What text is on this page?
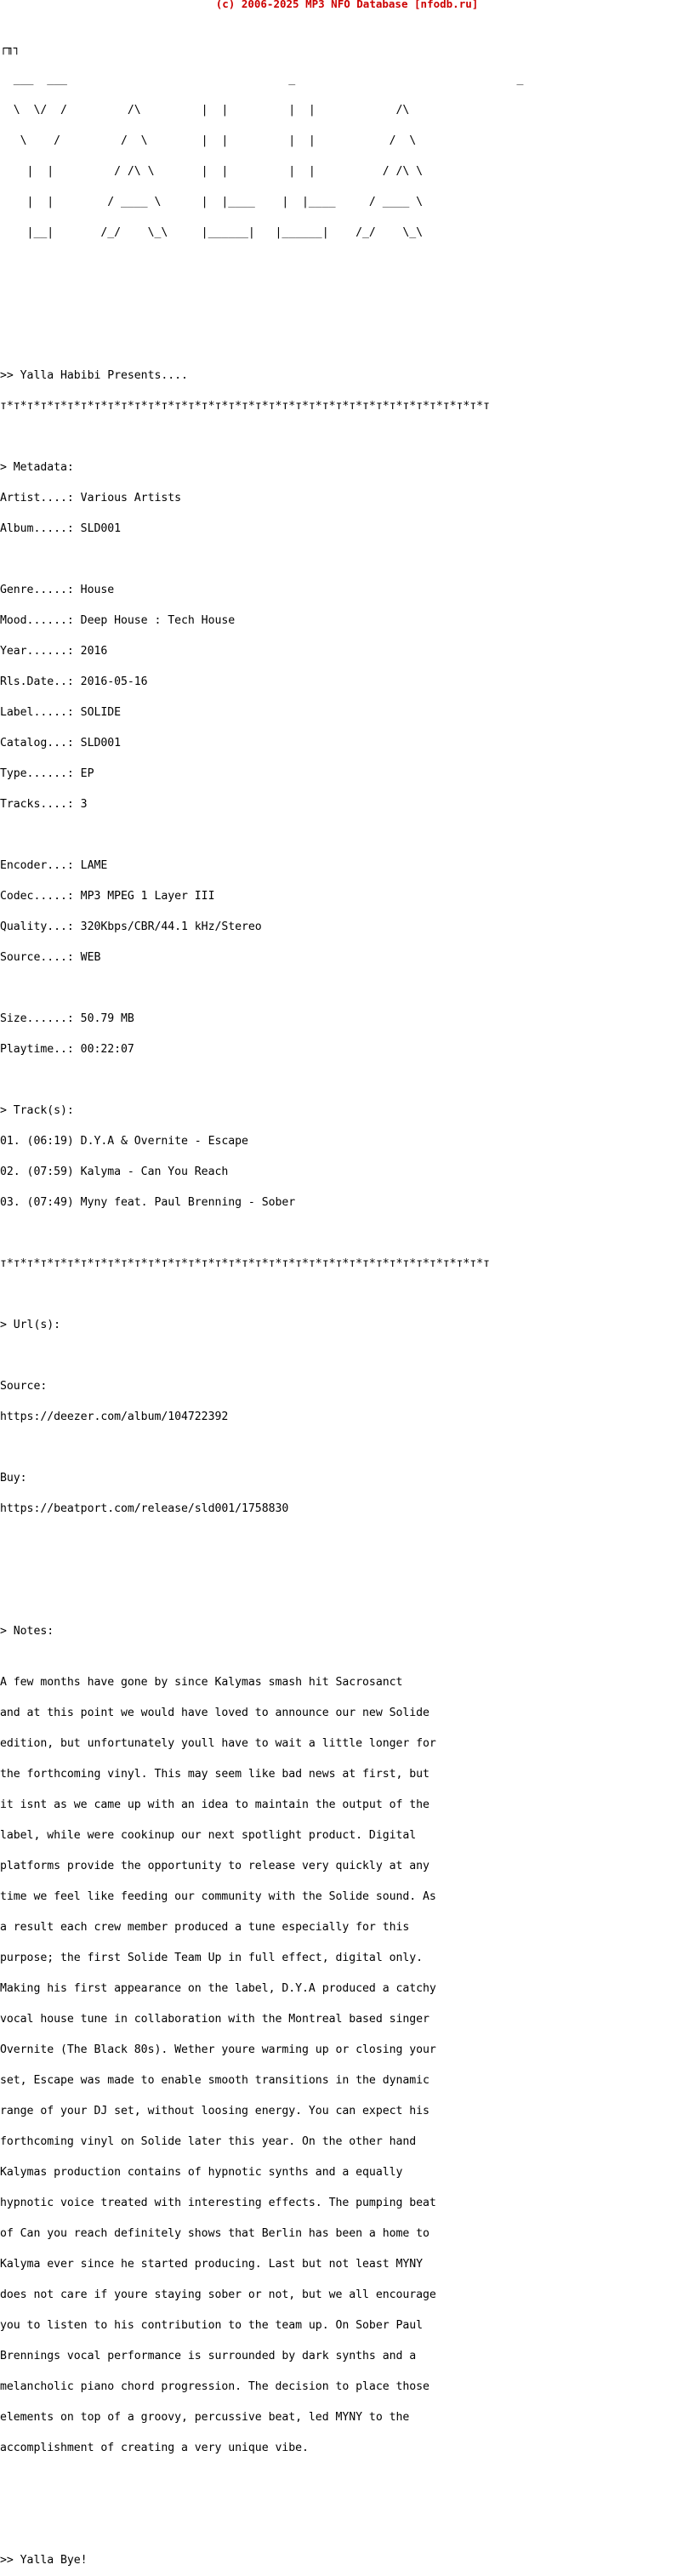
(c) 2006-2025 MP3 NFO Database [nfodb.ru]

┌╖┐

___  ___                                 _                                 _

\  \/  /         /\         |  |         |  |            /\

\    /         /  \        |  |         |  |           /  \

|  |         / /\ \       |  |         |  |          / /\ \

|  |        / ____ \      |  |____    |  |____     / ____ \

|__|       /_/    \_\     |______|   |______|    /_/    \_\

>> Yalla Habibi Presents....

т*т*т*т*т*т*т*т*т*т*т*т*т*т*т*т*т*т*т*т*т*т*т*т*т*т*т*т*т*т*т*т*т*т*т*т*т

> Metadata:

Artist....: Various Artists

Album.....: SLD001

Genre.....: House

Mood......: Deep House : Tech House

Year......: 2016

Rls.Date..: 2016-05-16

Label.....: SOLIDE

Catalog...: SLD001

Type......: EP

Tracks....: 3

Encoder...: LAME

Codec.....: MP3 MPEG 1 Layer III

Quality...: 320Kbps/CBR/44.1 kHz/Stereo

Source....: WEB

Size......: 50.79 MB

Playtime..: 00:22:07

> Track(s):

01. (06:19) D.Y.A & Overnite - Escape

02. (07:59) Kalyma - Can You Reach

03. (07:49) Myny feat. Paul Brenning - Sober

т*т*т*т*т*т*т*т*т*т*т*т*т*т*т*т*т*т*т*т*т*т*т*т*т*т*т*т*т*т*т*т*т*т*т*т*т

> Url(s):

Source:

https://deezer.com/album/104722392

Buy:

https://beatport.com/release/sld001/1758830

> Notes:

A few months have gone by since Kalymas smash hit Sacrosanct

and at this point we would have loved to announce our new Solide

edition, but unfortunately youll have to wait a little longer for

the forthcoming vinyl. This may seem like bad news at first, but

it isnt as we came up with an idea to maintain the output of the

label, while were cookinup our next spotlight product. Digital

platforms provide the opportunity to release very quickly at any

time we feel like feeding our community with the Solide sound. As

a result each crew member produced a tune especially for this

purpose; the first Solide Team Up in full effect, digital only.

Making his first appearance on the label, D.Y.A produced a catchy

vocal house tune in collaboration with the Montreal based singer

Overnite (The Black 80s). Wether youre warming up or closing your

set, Escape was made to enable smooth transitions in the dynamic

range of your DJ set, without loosing energy. You can expect his

forthcoming vinyl on Solide later this year. On the other hand

Kalymas production contains of hypnotic synths and a equally

hypnotic voice treated with interesting effects. The pumping beat

of Can you reach definitely shows that Berlin has been a home to

Kalyma ever since he started producing. Last but not least MYNY

does not care if youre staying sober or not, but we all encourage

you to listen to his contribution to the team up. On Sober Paul

Brennings vocal performance is surrounded by dark synths and a

melancholic piano chord progression. The decision to place those

elements on top of a groovy, percussive beat, led MYNY to the

accomplishment of creating a very unique vibe.

>> Yalla Bye!
